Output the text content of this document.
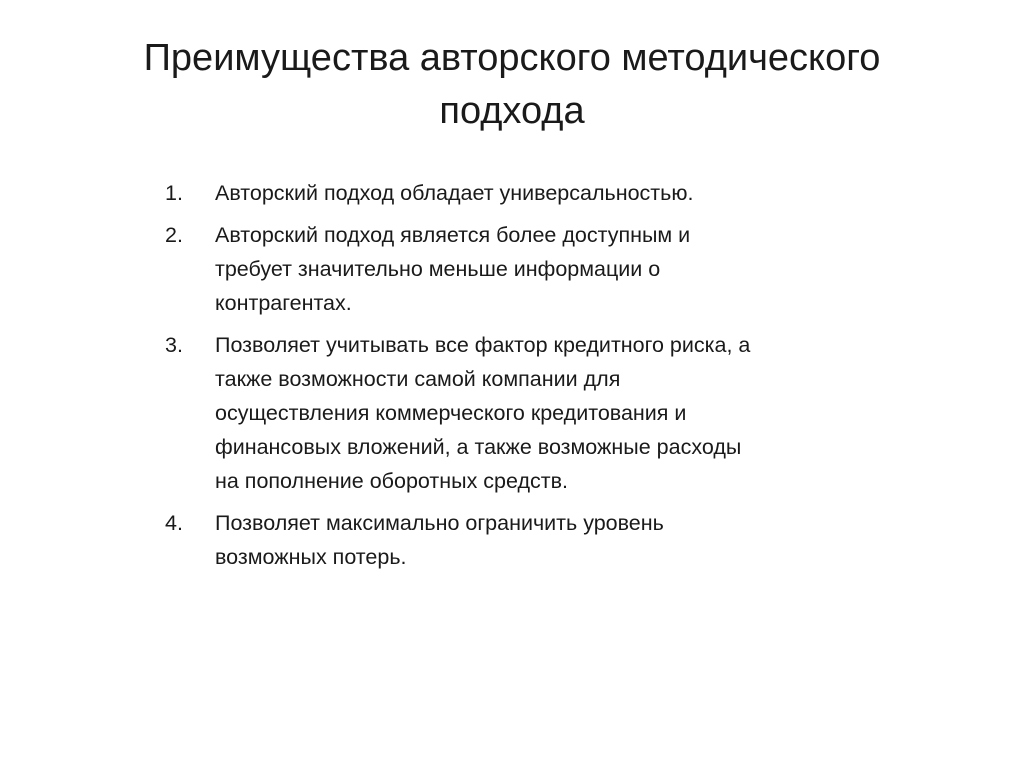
Преимущества авторского методического
подхода
1.	Авторский подход обладает универсальностью.
2.	Авторский подход является более доступным и
требует значительно меньше информации о
контрагентах.
3.	Позволяет учитывать все фактор кредитного риска, а
также возможности самой компании для
осуществления коммерческого кредитования и
финансовых вложений, а также возможные расходы
на пополнение оборотных средств.
4.	Позволяет максимально ограничить уровень
возможных потерь.
